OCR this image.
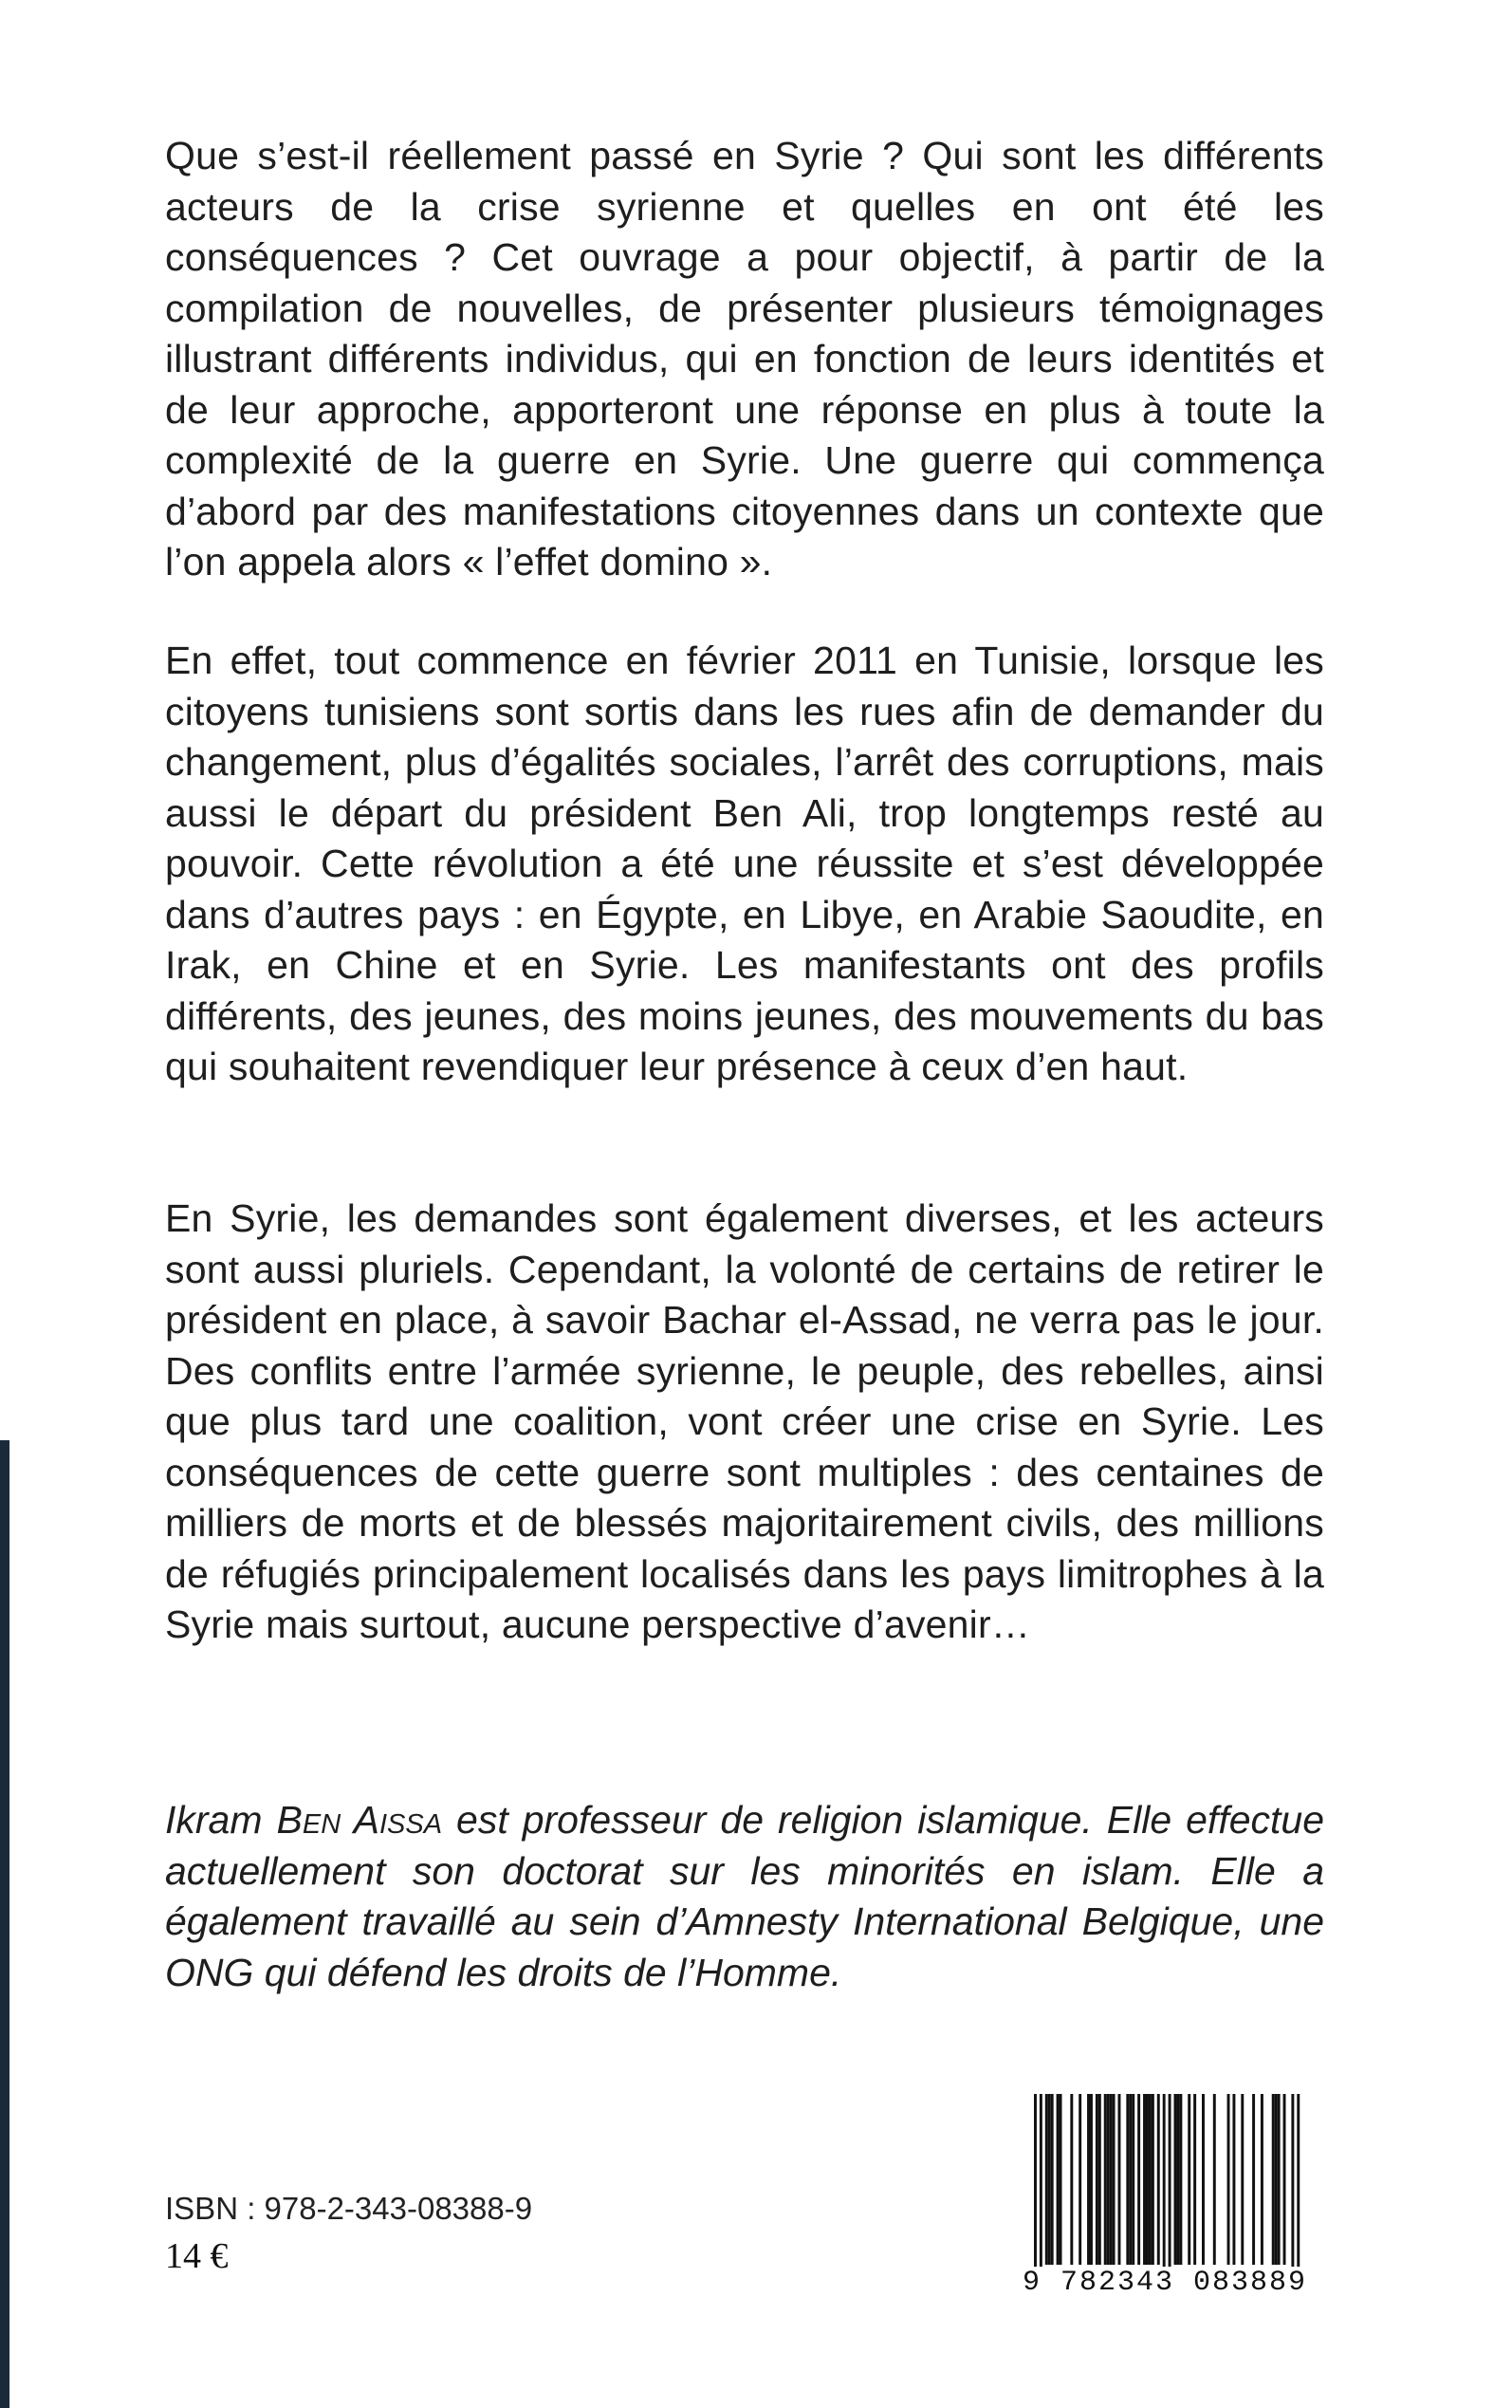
Que s’est-il réellement passé en Syrie ? Qui sont les différents acteurs de la crise syrienne et quelles en ont été les conséquences ? Cet ouvrage a pour objectif, à partir de la compilation de nouvelles, de présenter plusieurs témoignages illustrant différents individus, qui en fonction de leurs identités et de leur approche, apporteront une réponse en plus à toute la complexité de la guerre en Syrie. Une guerre qui commença d’abord par des manifestations citoyennes dans un contexte que l’on appela alors « l’effet domino ».

En effet, tout commence en février 2011 en Tunisie, lorsque les citoyens tunisiens sont sortis dans les rues afin de demander du changement, plus d’égalités sociales, l’arrêt des corruptions, mais aussi le départ du président Ben Ali, trop longtemps resté au pouvoir. Cette révolution a été une réussite et s’est développée dans d’autres pays : en Égypte, en Libye, en Arabie Saoudite, en Irak, en Chine et en Syrie. Les manifestants ont des profils différents, des jeunes, des moins jeunes, des mouvements du bas qui souhaitent revendiquer leur présence à ceux d’en haut.

En Syrie, les demandes sont également diverses, et les acteurs sont aussi pluriels. Cependant, la volonté de certains de retirer le président en place, à savoir Bachar el-Assad, ne verra pas le jour. Des conflits entre l’armée syrienne, le peuple, des rebelles, ainsi que plus tard une coalition, vont créer une crise en Syrie. Les conséquences de cette guerre sont multiples : des centaines de milliers de morts et de blessés majoritairement civils, des millions de réfugiés principalement localisés dans les pays limitrophes à la Syrie mais surtout, aucune perspective d’avenir…

Ikram Ben Aissa est professeur de religion islamique. Elle effectue actuellement son doctorat sur les minorités en islam. Elle a également travaillé au sein d’Amnesty International Belgique, une ONG qui défend les droits de l’Homme.

ISBN : 978-2-343-08388-9
14 €
9 782343 083889
